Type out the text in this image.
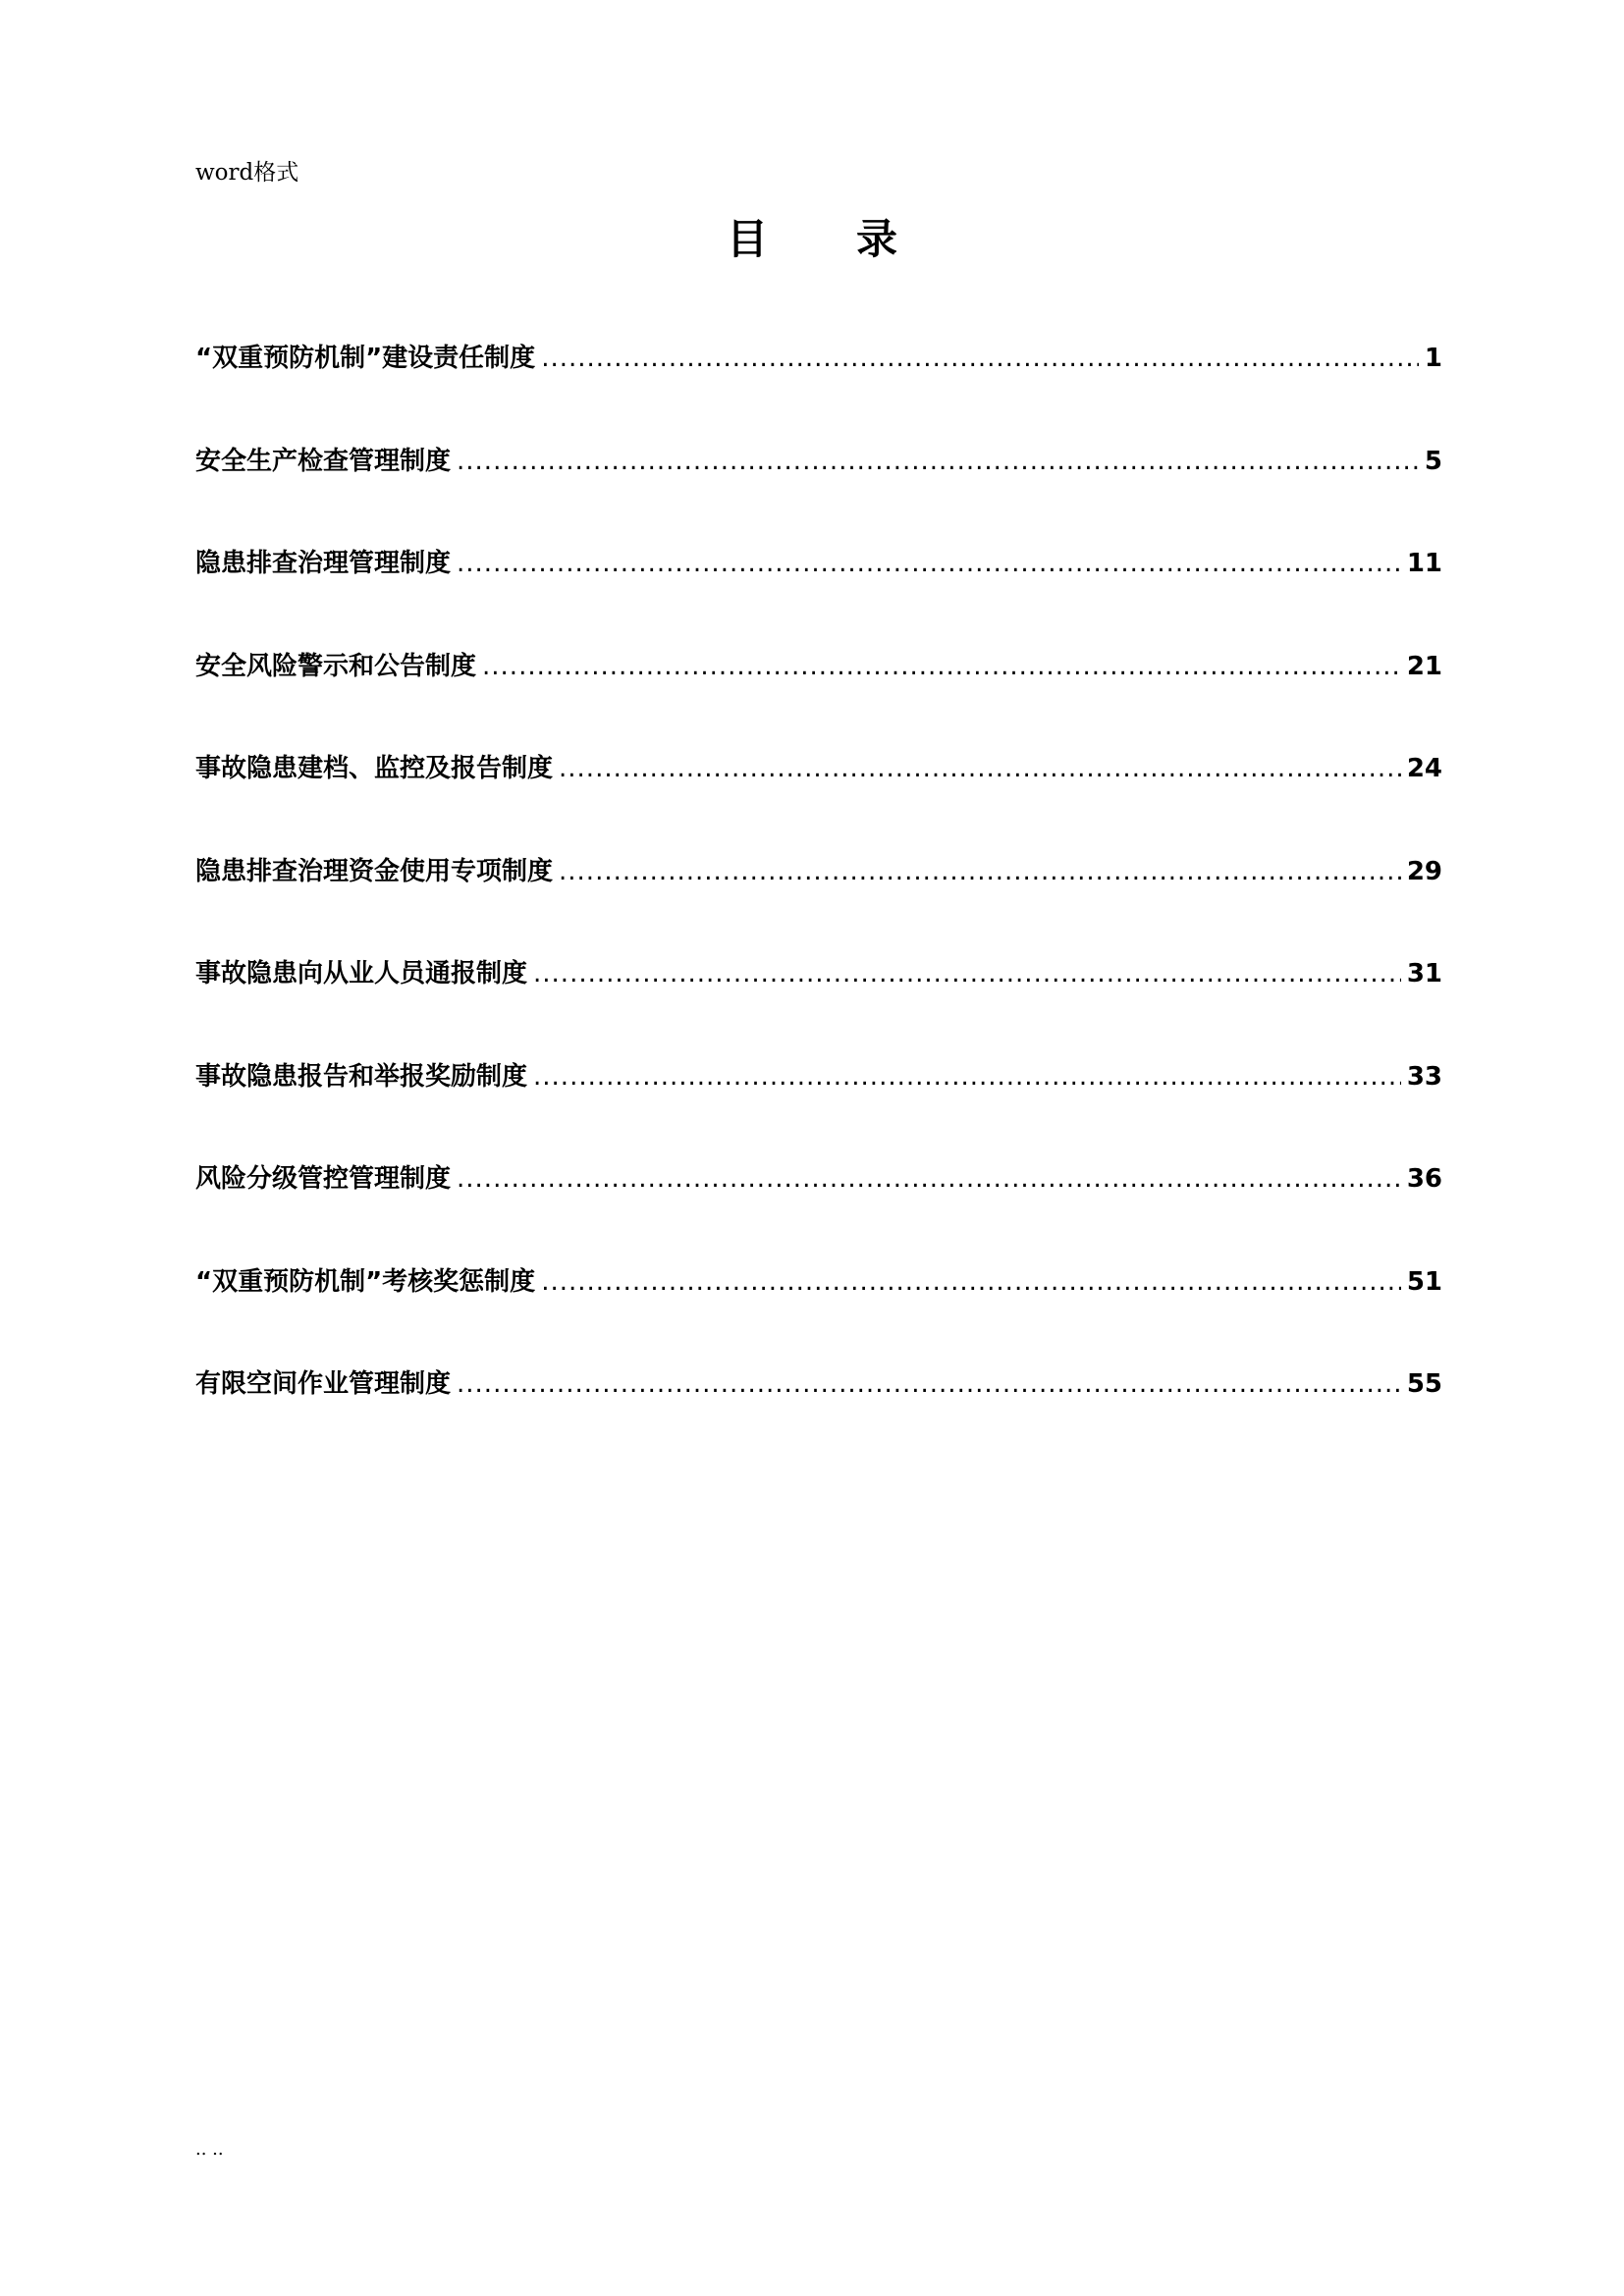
word格式
目录
“双重预防机制”建设责任制度 .....	1
安全生产检查管理制度 .....	5
隐患排查治理管理制度 .....	11
安全风险警示和公告制度 .....	21
事故隐患建档、监控及报告制度 .....	24
隐患排查治理资金使用专项制度 .....	29
事故隐患向从业人员通报制度 .....	31
事故隐患报告和举报奖励制度 .....	33
风险分级管控管理制度 .....	36
“双重预防机制”考核奖惩制度 .....	51
有限空间作业管理制度 .....	55
.. ..
